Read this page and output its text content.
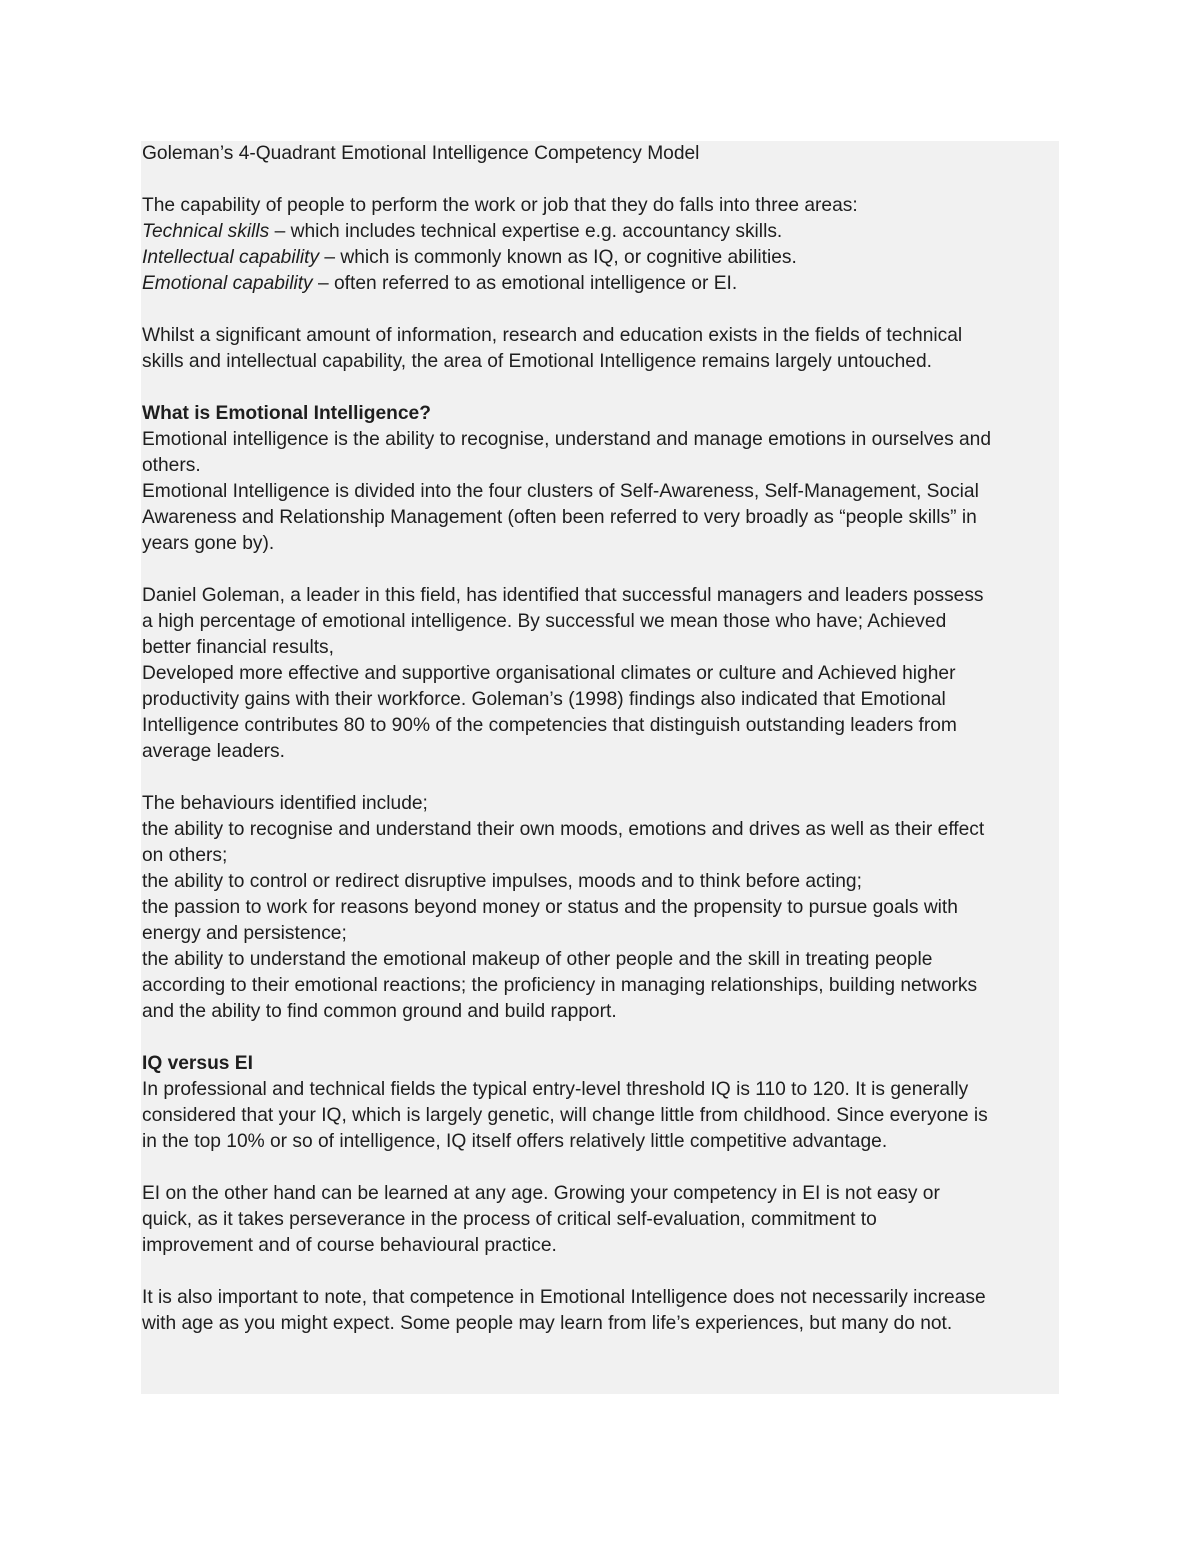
Goleman’s 4-Quadrant Emotional Intelligence Competency Model
The capability of people to perform the work or job that they do falls into three areas:
Technical skills – which includes technical expertise e.g. accountancy skills.
Intellectual capability – which is commonly known as IQ, or cognitive abilities.
Emotional capability – often referred to as emotional intelligence or EI.
Whilst a significant amount of information, research and education exists in the fields of technical
skills and intellectual capability, the area of Emotional Intelligence remains largely untouched.
What is Emotional Intelligence?
Emotional intelligence is the ability to recognise, understand and manage emotions in ourselves and
others.
Emotional Intelligence is divided into the four clusters of Self-Awareness, Self-Management, Social
Awareness and Relationship Management (often been referred to very broadly as “people skills” in
years gone by).
Daniel Goleman, a leader in this field, has identified that successful managers and leaders possess
a high percentage of emotional intelligence. By successful we mean those who have; Achieved
better financial results,
Developed more effective and supportive organisational climates or culture and Achieved higher
productivity gains with their workforce. Goleman’s (1998) findings also indicated that Emotional
Intelligence contributes 80 to 90% of the competencies that distinguish outstanding leaders from
average leaders.
The behaviours identified include;
the ability to recognise and understand their own moods, emotions and drives as well as their effect
on others;
the ability to control or redirect disruptive impulses, moods and to think before acting;
the passion to work for reasons beyond money or status and the propensity to pursue goals with
energy and persistence;
the ability to understand the emotional makeup of other people and the skill in treating people
according to their emotional reactions; the proficiency in managing relationships, building networks
and the ability to find common ground and build rapport.
IQ versus EI
In professional and technical fields the typical entry-level threshold IQ is 110 to 120. It is generally
considered that your IQ, which is largely genetic, will change little from childhood. Since everyone is
in the top 10% or so of intelligence, IQ itself offers relatively little competitive advantage.
EI on the other hand can be learned at any age. Growing your competency in EI is not easy or
quick, as it takes perseverance in the process of critical self-evaluation, commitment to
improvement and of course behavioural practice.
It is also important to note, that competence in Emotional Intelligence does not necessarily increase
with age as you might expect. Some people may learn from life’s experiences, but many do not.
